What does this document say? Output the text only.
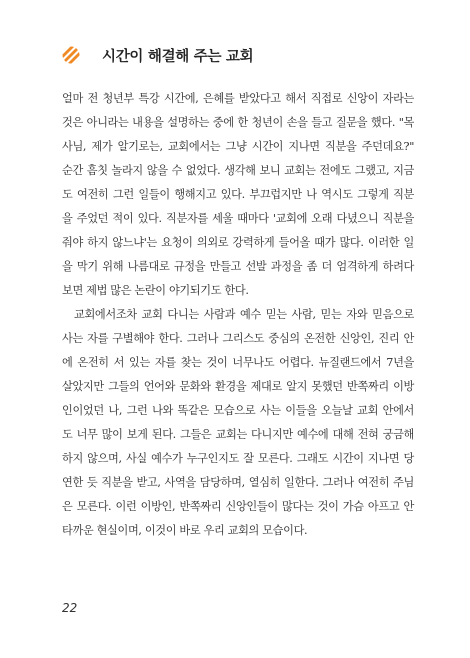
시간이 해결해 주는 교회
얼마 전 청년부 특강 시간에, 은혜를 받았다고 해서 직접로 신앙이 자라는
것은 아니라는 내용을 설명하는 중에 한 청년이 손을 들고 질문을 했다. "목
사님, 제가 알기로는, 교회에서는 그냥 시간이 지나면 직분을 주던데요?"
순간 흠칫 놀라지 않을 수 없었다. 생각해 보니 교회는 전에도 그랬고, 지금
도 여전히 그런 일들이 행해지고 있다. 부끄럽지만 나 역시도 그렇게 직분
을 주었던 적이 있다. 직분자를 세울 때마다 '교회에 오래 다녔으니 직분을
줘야 하지 않느냐'는 요청이 의외로 강력하게 들어올 때가 많다. 이러한 일
을 막기 위해 나름대로 규정을 만들고 선발 과정을 좀 더 엄격하게 하려다
보면 제법 많은 논란이 야기되기도 한다.
교회에서조차 교회 다니는 사람과 예수 믿는 사람, 믿는 자와 믿음으로
사는 자를 구별해야 한다. 그러나 그리스도 중심의 온전한 신앙인, 진리 안
에 온전히 서 있는 자를 찾는 것이 너무나도 어렵다. 뉴질랜드에서 7년을
살았지만 그들의 언어와 문화와 환경을 제대로 알지 못했던 반쪽짜리 이방
인이었던 나, 그런 나와 똑같은 모습으로 사는 이들을 오늘날 교회 안에서
도 너무 많이 보게 된다. 그들은 교회는 다니지만 예수에 대해 전혀 궁금해
하지 않으며, 사실 예수가 누구인지도 잘 모른다. 그래도 시간이 지나면 당
연한 듯 직분을 받고, 사역을 담당하며, 열심히 일한다. 그러나 여전히 주님
은 모른다. 이런 이방인, 반쪽짜리 신앙인들이 많다는 것이 가슴 아프고 안
타까운 현실이며, 이것이 바로 우리 교회의 모습이다.
22
